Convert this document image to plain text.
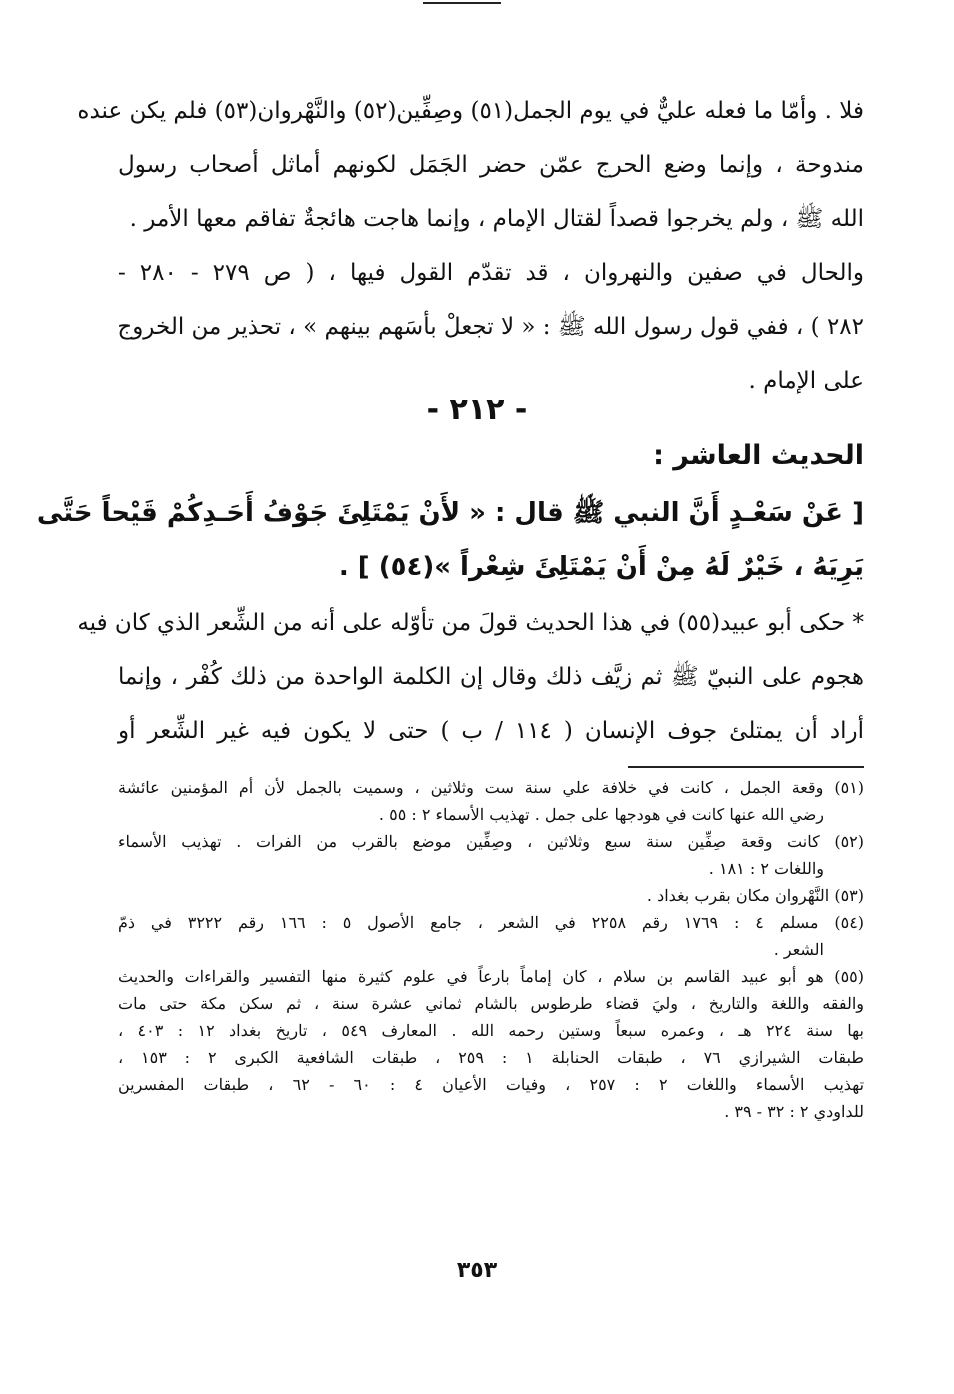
فلا . وأمّا ما فعله عليٌّ في يوم الجمل(٥١) وصِفِّين(٥٢) والنَّهْروان(٥٣) فلم يكن عنده
مندوحة ، وإنما وضع الحرج عمّن حضر الجَمَل لكونهم أماثل أصحاب رسول
الله ﷺ ، ولم يخرجوا قصداً لقتال الإمام ، وإنما هاجت هائجةٌ تفاقم معها الأمر .
والحال في صفين والنهروان ، قد تقدّم القول فيها ، ( ص ٢٧٩ - ٢٨٠ -
٢٨٢ ) ، ففي قول رسول الله ﷺ : « لا تجعلْ بأسَهم بينهم » ، تحذير من الخروج
على الإمام .
- ٢١٢ -
الحديث العاشر :
[ عَنْ سَعْـدٍ أَنَّ النبي ﷺ قال : « لأَنْ يَمْتَلِئَ جَوْفُ أَحَـدِكُمْ قَيْحاً حَتَّى
يَرِيَهُ ، خَيْرٌ لَهُ مِنْ أَنْ يَمْتَلِئَ شِعْراً »(٥٤) ] .
* حكى أبو عبيد(٥٥) في هذا الحديث قولَ من تأوّله على أنه من الشِّعر الذي كان فيه
هجوم على النبيّ ﷺ ثم زيَّف ذلك وقال إن الكلمة الواحدة من ذلك كُفْر ، وإنما
أراد أن يمتلئ جوف الإنسان ( ١١٤ / ب ) حتى لا يكون فيه غير الشِّعر أو
(٥١) وقعة الجمل ، كانت في خلافة علي سنة ست وثلاثين ، وسميت بالجمل لأن أم المؤمنين عائشة
رضي الله عنها كانت في هودجها على جمل . تهذيب الأسماء ٢ : ٥٥ .
(٥٢) كانت وقعة صِفِّين سنة سبع وثلاثين ، وصِفِّين موضع بالقرب من الفرات . تهذيب الأسماء
واللغات ٢ : ١٨١ .
(٥٣) النَّهْروان مكان بقرب بغداد .
(٥٤) مسلم ٤ : ١٧٦٩ رقم ٢٢٥٨ في الشعر ، جامع الأصول ٥ : ١٦٦ رقم ٣٢٢٢ في ذمّ
الشعر .
(٥٥) هو أبو عبيد القاسم بن سلام ، كان إماماً بارعاً في علوم كثيرة منها التفسير والقراءات والحديث
والفقه واللغة والتاريخ ، وليَ قضاء طرطوس بالشام ثماني عشرة سنة ، ثم سكن مكة حتى مات
بها سنة ٢٢٤ هـ ، وعمره سبعاً وستين رحمه الله . المعارف ٥٤٩ ، تاريخ بغداد ١٢ : ٤٠٣ ،
طبقات الشيرازي ٧٦ ، طبقات الحنابلة ١ : ٢٥٩ ، طبقات الشافعية الكبرى ٢ : ١٥٣ ،
تهذيب الأسماء واللغات ٢ : ٢٥٧ ، وفيات الأعيان ٤ : ٦٠ - ٦٢ ، طبقات المفسرين
للداودي ٢ : ٣٢ - ٣٩ .
٣٥٣
